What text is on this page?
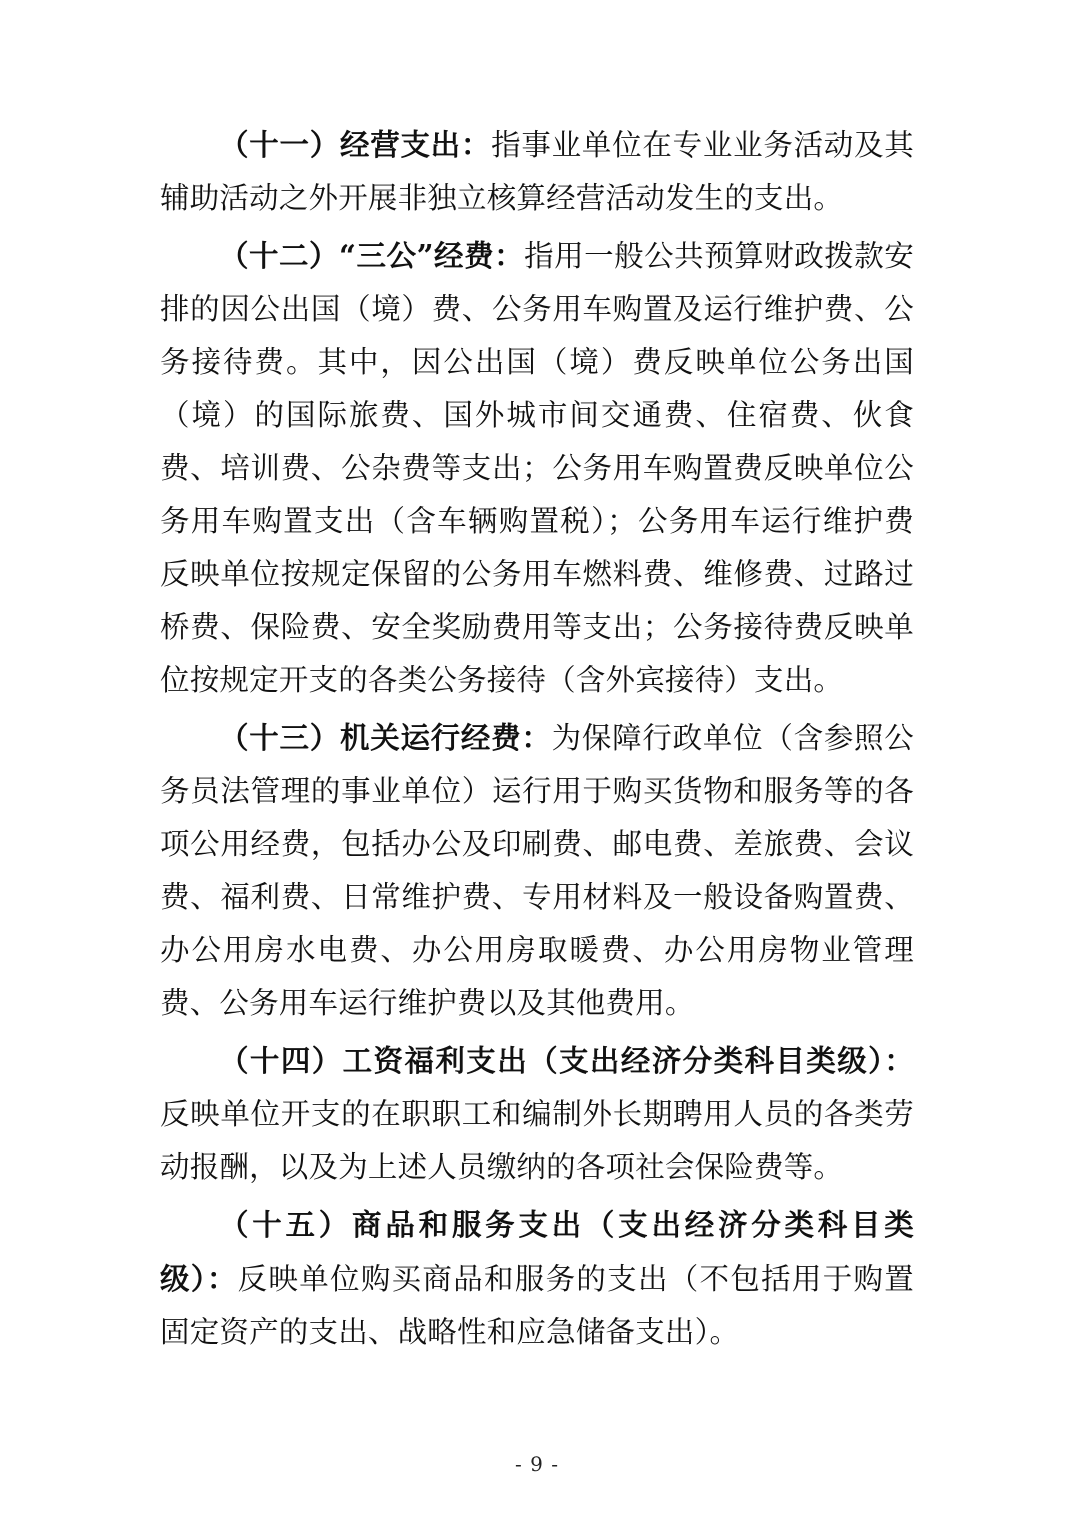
（十一）经营支出：指事业单位在专业业务活动及其辅助活动之外开展非独立核算经营活动发生的支出。

（十二）“三公”经费：指用一般公共预算财政拨款安排的因公出国（境）费、公务用车购置及运行维护费、公务接待费。其中，因公出国（境）费反映单位公务出国（境）的国际旅费、国外城市间交通费、住宿费、伙食费、培训费、公杂费等支出；公务用车购置费反映单位公务用车购置支出（含车辆购置税）；公务用车运行维护费反映单位按规定保留的公务用车燃料费、维修费、过路过桥费、保险费、安全奖励费用等支出；公务接待费反映单位按规定开支的各类公务接待（含外宾接待）支出。

（十三）机关运行经费：为保障行政单位（含参照公务员法管理的事业单位）运行用于购买货物和服务等的各项公用经费，包括办公及印刷费、邮电费、差旅费、会议费、福利费、日常维护费、专用材料及一般设备购置费、办公用房水电费、办公用房取暖费、办公用房物业管理费、公务用车运行维护费以及其他费用。

（十四）工资福利支出（支出经济分类科目类级）：反映单位开支的在职职工和编制外长期聘用人员的各类劳动报酬，以及为上述人员缴纳的各项社会保险费等。

（十五）商品和服务支出（支出经济分类科目类级）：反映单位购买商品和服务的支出（不包括用于购置固定资产的支出、战略性和应急储备支出）。

- 9 -
